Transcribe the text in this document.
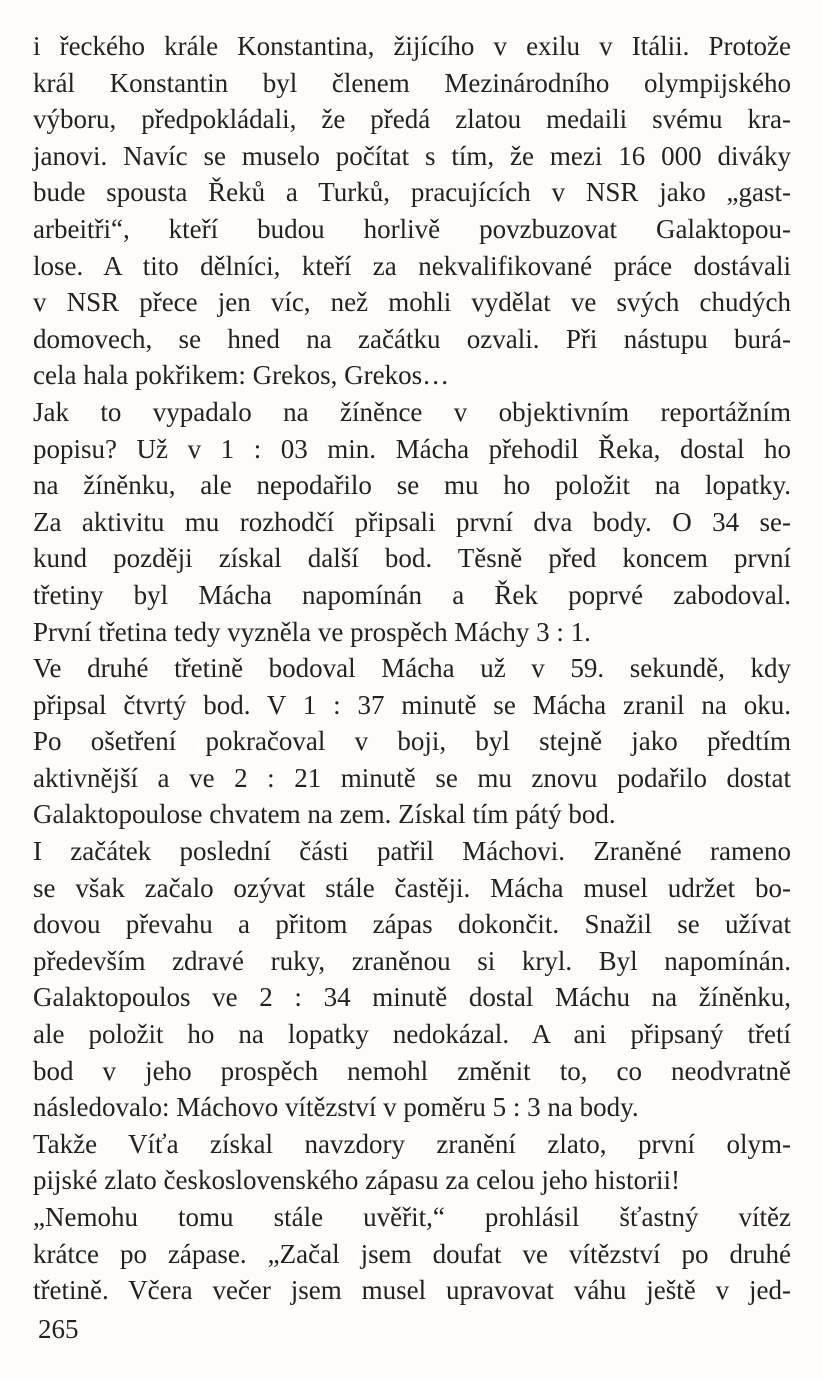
i řeckého krále Konstantina, žijícího v exilu v Itálii. Protože
král Konstantin byl členem Mezinárodního olympijského
výboru, předpokládali, že předá zlatou medaili svému kra-
janovi. Navíc se muselo počítat s tím, že mezi 16 000 diváky
bude spousta Řeků a Turků, pracujících v NSR jako „gast-
arbeitři“, kteří budou horlivě povzbuzovat Galaktopou-
lose. A tito dělníci, kteří za nekvalifikované práce dostávali
v NSR přece jen víc, než mohli vydělat ve svých chudých
domovech, se hned na začátku ozvali. Při nástupu burá-
cela hala pokřikem: Grekos, Grekos…
Jak to vypadalo na žíněnce v objektivním reportážním
popisu? Už v 1 : 03 min. Mácha přehodil Řeka, dostal ho
na žíněnku, ale nepodařilo se mu ho položit na lopatky.
Za aktivitu mu rozhodčí připsali první dva body. O 34 se-
kund později získal další bod. Těsně před koncem první
třetiny byl Mácha napomínán a Řek poprvé zabodoval.
První třetina tedy vyzněla ve prospěch Máchy 3 : 1.
Ve druhé třetině bodoval Mácha už v 59. sekundě, kdy
připsal čtvrtý bod. V 1 : 37 minutě se Mácha zranil na oku.
Po ošetření pokračoval v boji, byl stejně jako předtím
aktivnější a ve 2 : 21 minutě se mu znovu podařilo dostat
Galaktopoulose chvatem na zem. Získal tím pátý bod.
I začátek poslední části patřil Máchovi. Zraněné rameno
se však začalo ozývat stále častěji. Mácha musel udržet bo-
dovou převahu a přitom zápas dokončit. Snažil se užívat
především zdravé ruky, zraněnou si kryl. Byl napomínán.
Galaktopoulos ve 2 : 34 minutě dostal Máchu na žíněnku,
ale položit ho na lopatky nedokázal. A ani připsaný třetí
bod v jeho prospěch nemohl změnit to, co neodvratně
následovalo: Máchovo vítězství v poměru 5 : 3 na body.
Takže Víťa získal navzdory zranění zlato, první olym-
pijské zlato československého zápasu za celou jeho historii!
„Nemohu tomu stále uvěřit,“ prohlásil šťastný vítěz
krátce po zápase. „Začal jsem doufat ve vítězství po druhé
třetině. Včera večer jsem musel upravovat váhu ještě v jed-
265
